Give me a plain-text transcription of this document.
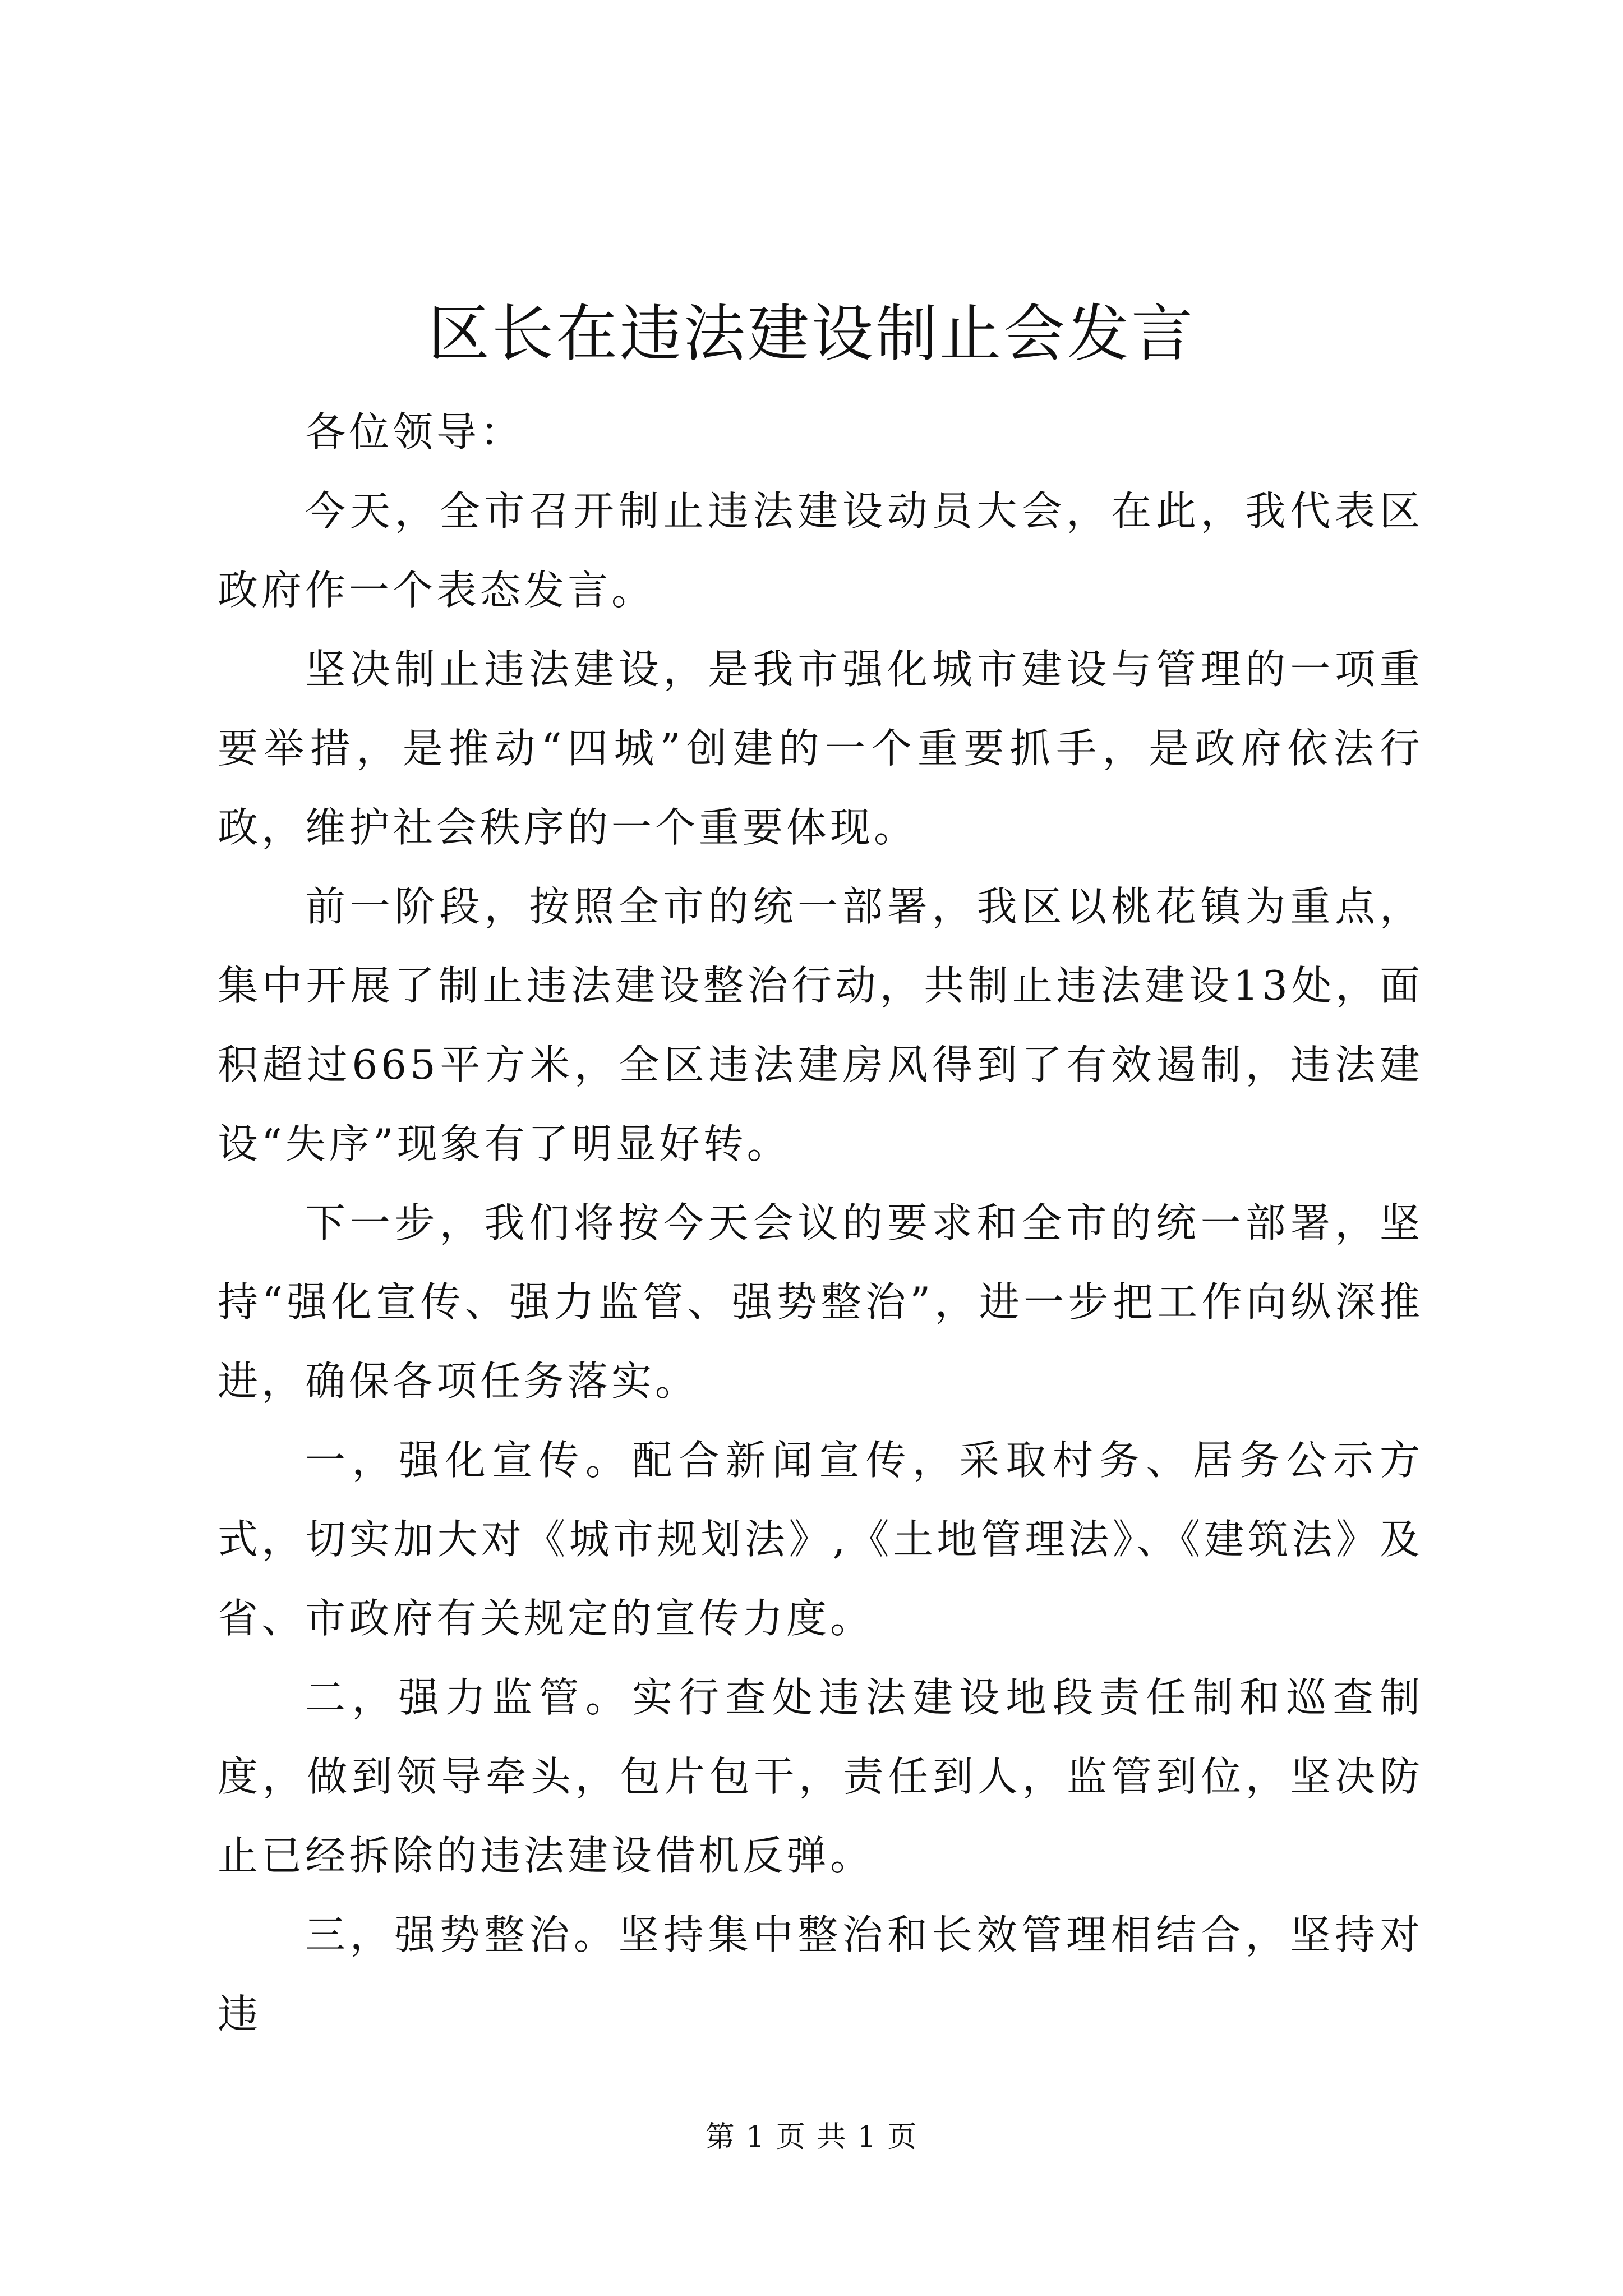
区长在违法建设制止会发言

各位领导：

今天，全市召开制止违法建设动员大会，在此，我代表区政府作一个表态发言。

坚决制止违法建设，是我市强化城市建设与管理的一项重要举措，是推动“四城”创建的一个重要抓手，是政府依法行政，维护社会秩序的一个重要体现。

前一阶段，按照全市的统一部署，我区以桃花镇为重点，集中开展了制止违法建设整治行动，共制止违法建设13处，面积超过665平方米，全区违法建房风得到了有效遏制，违法建设“失序”现象有了明显好转。

下一步，我们将按今天会议的要求和全市的统一部署，坚持“强化宣传、强力监管、强势整治”，进一步把工作向纵深推进，确保各项任务落实。

一，强化宣传。配合新闻宣传，采取村务、居务公示方式，切实加大对《城市规划法》,《土地管理法》、《建筑法》及省、市政府有关规定的宣传力度。

二，强力监管。实行查处违法建设地段责任制和巡查制度，做到领导牵头，包片包干，责任到人，监管到位，坚决防止已经拆除的违法建设借机反弹。

三，强势整治。坚持集中整治和长效管理相结合，坚持对违

第 1 页 共 1 页
